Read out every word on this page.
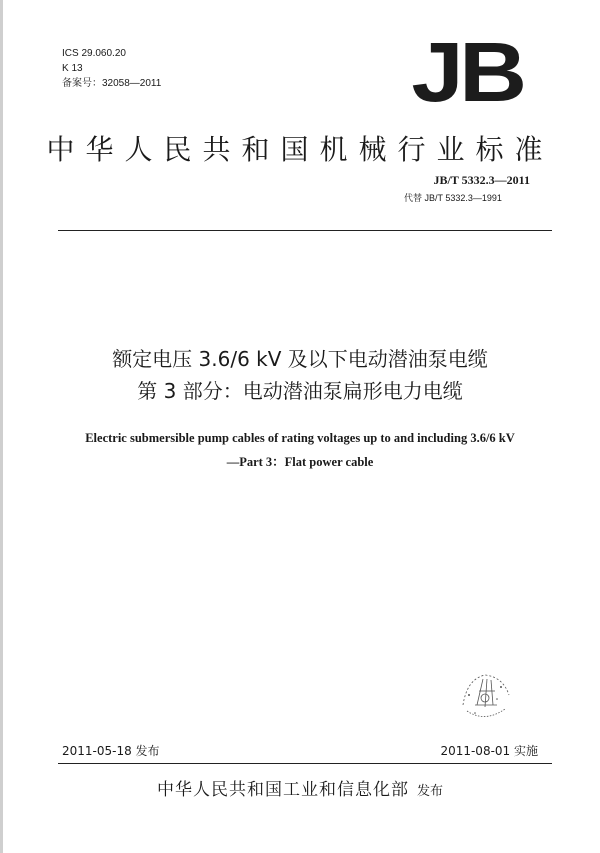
ICS 29.060.20
K 13
备案号：32058—2011	JB
中华人民共和国机械行业标准
JB/T 5332.3—2011
代替 JB/T 5332.3—1991
额定电压 3.6/6 kV 及以下电动潜油泵电缆
第 3 部分：电动潜油泵扁形电力电缆
Electric submersible pump cables of rating voltages up to and including 3.6/6 kV
—Part 3：Flat power cable
2011-05-18 发布	2011-08-01 实施
中华人民共和国工业和信息化部 发布
